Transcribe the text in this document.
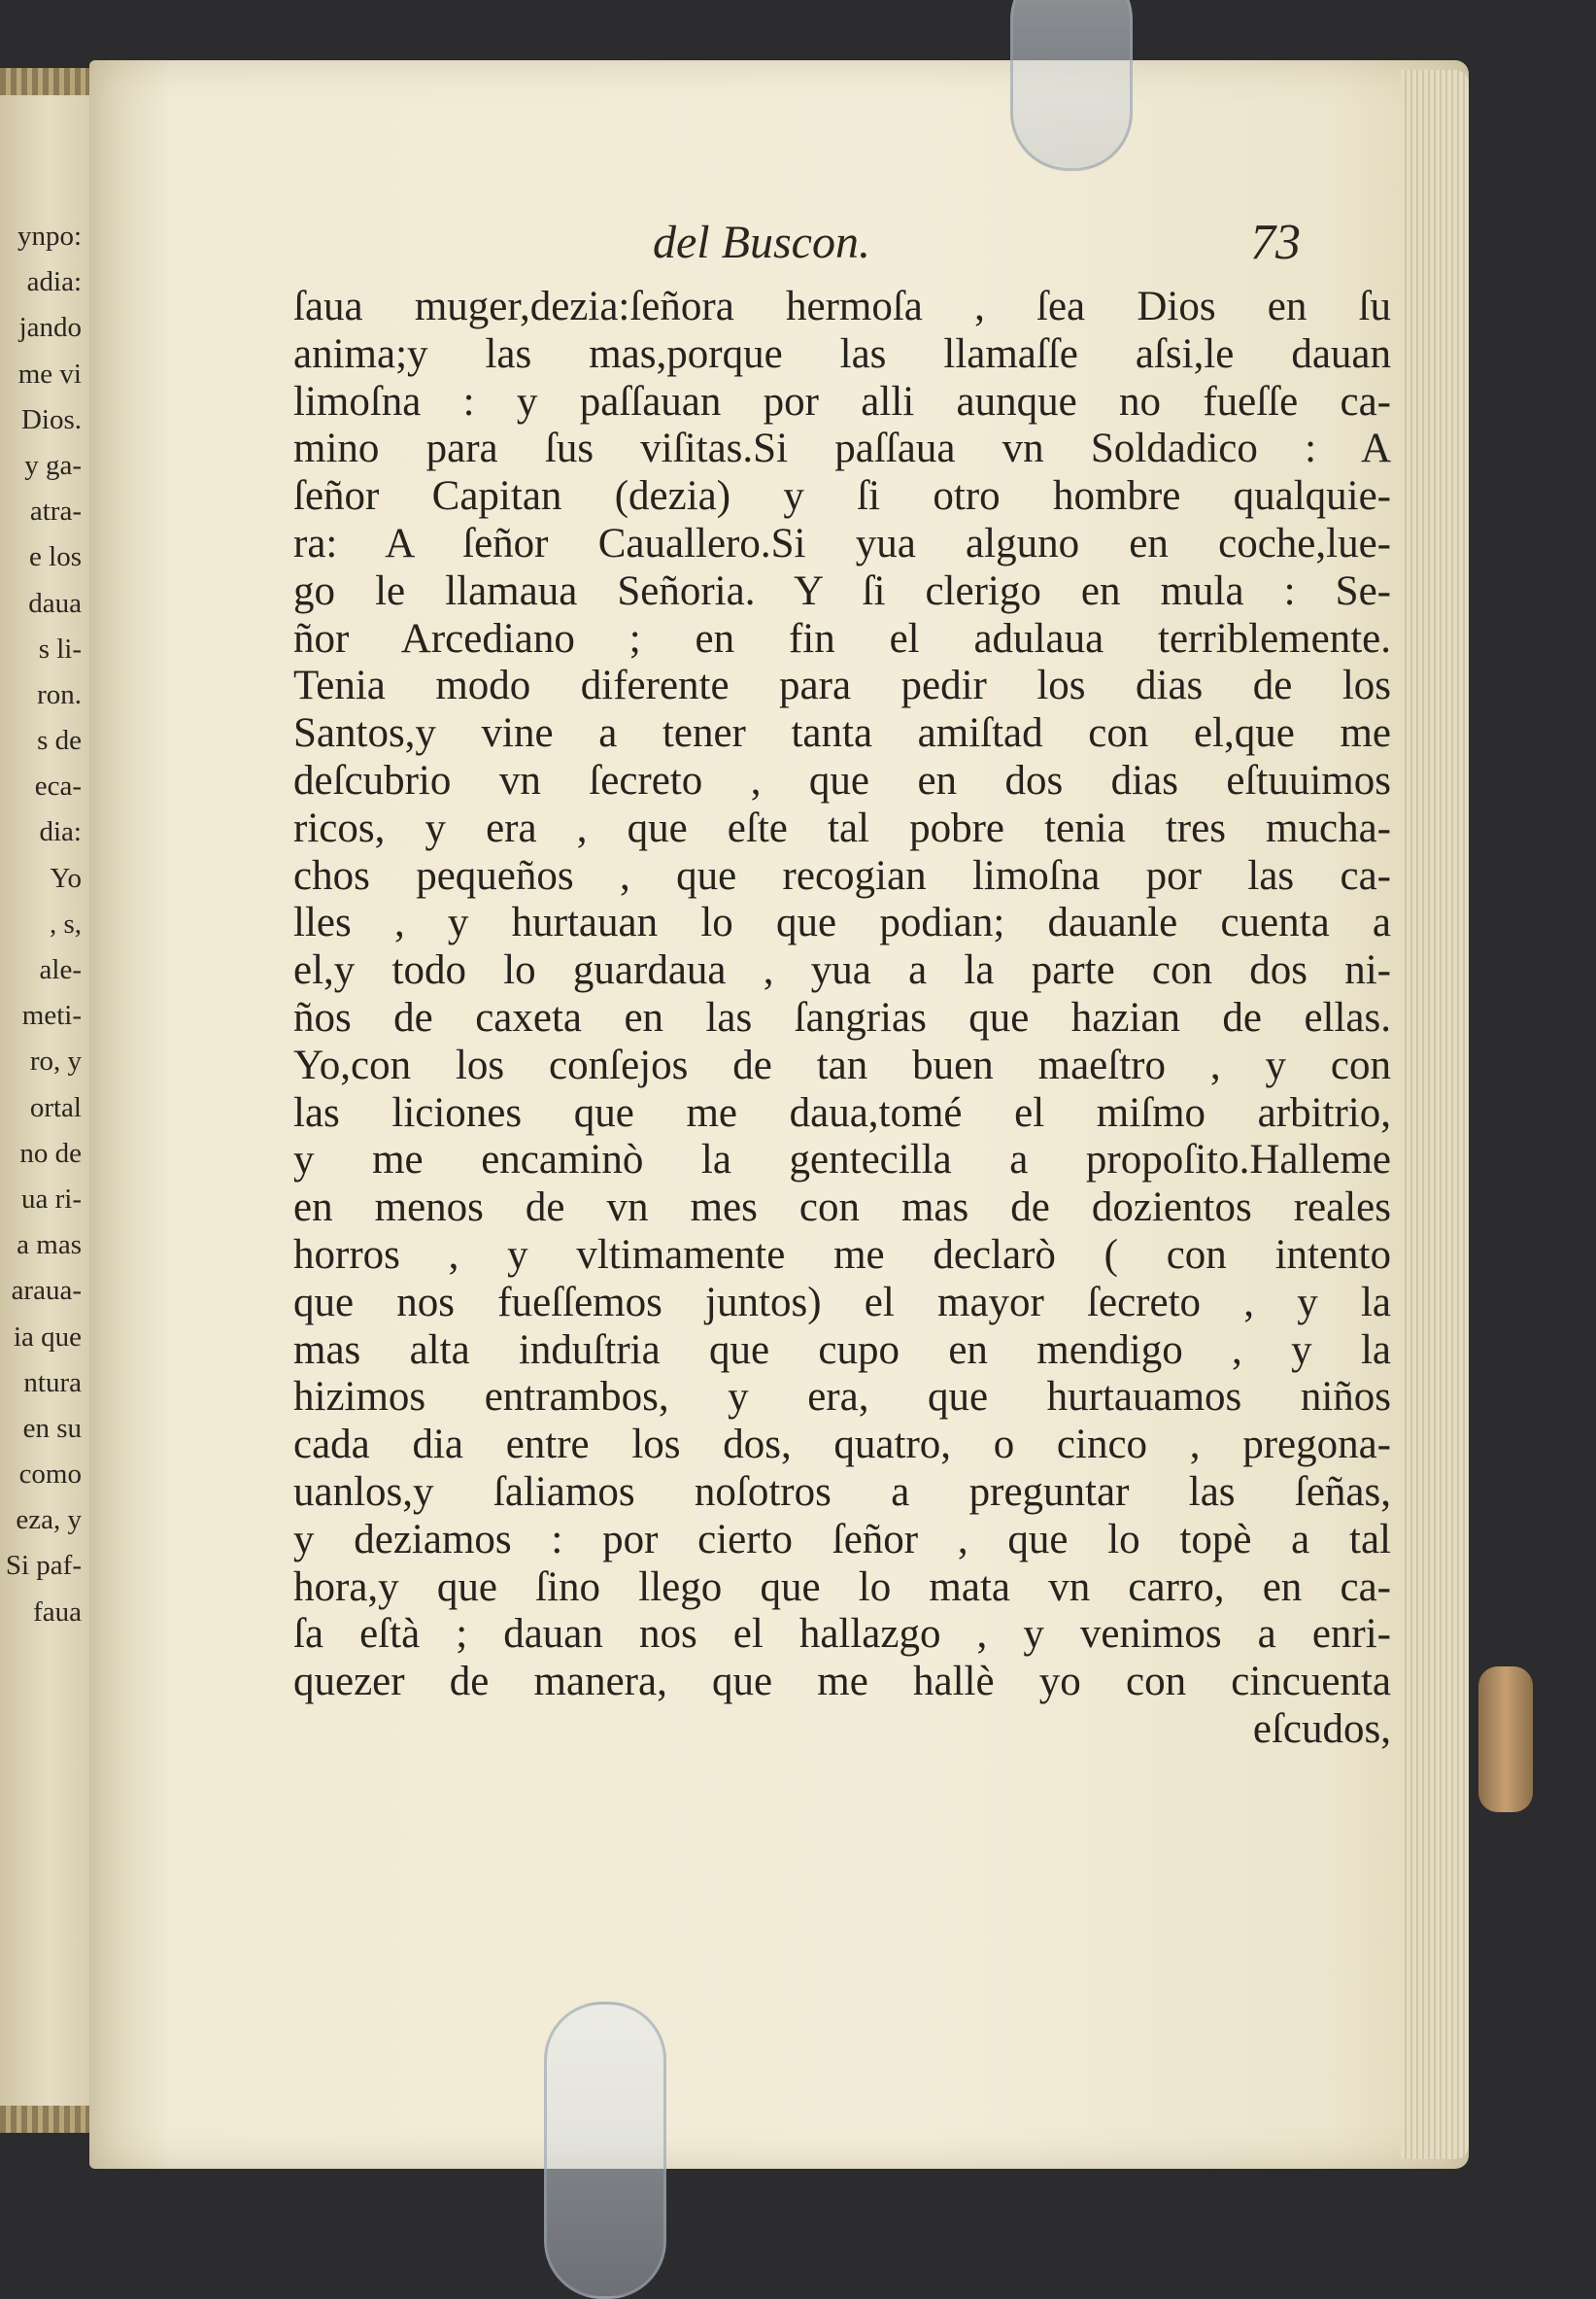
ynpo:
adia:
jando
me vi
Dios.
y ga-
atra-
e los
daua
s li-
ron.
s de
eca-
dia:
Yo
, s,
ale-
meti-
ro, y
ortal
no de
ua ri-
a mas
araua-
ia que
ntura
en su
como
eza, y
Si paf-
faua
del Buscon.	73
ſaua muger,dezia:ſeñora hermoſa , ſea Dios en ſu
anima;y las mas,porque las llamaſſe aſsi,le dauan
limoſna : y paſſauan por alli aunque no fueſſe ca-
mino para ſus viſitas.Si paſſaua vn Soldadico : A
ſeñor Capitan (dezia) y ſi otro hombre qualquie-
ra: A ſeñor Cauallero.Si yua alguno en coche,lue-
go le llamaua Señoria. Y ſi clerigo en mula : Se-
ñor Arcediano ; en fin el adulaua terriblemente.
Tenia modo diferente para pedir los dias de los
Santos,y vine a tener tanta amiſtad con el,que me
deſcubrio vn ſecreto , que en dos dias eſtuuimos
ricos, y era , que eſte tal pobre tenia tres mucha-
chos pequeños , que recogian limoſna por las ca-
lles , y hurtauan lo que podian; dauanle cuenta a
el,y todo lo guardaua , yua a la parte con dos ni-
ños de caxeta en las ſangrias que hazian de ellas.
Yo,con los conſejos de tan buen maeſtro , y con
las liciones que me daua,tomé el miſmo arbitrio,
y me encaminò la gentecilla a propoſito.Halleme
en menos de vn mes con mas de dozientos reales
horros , y vltimamente me declarò ( con intento
que nos fueſſemos juntos) el mayor ſecreto , y la
mas alta induſtria que cupo en mendigo , y la
hizimos entrambos, y era, que hurtauamos niños
cada dia entre los dos, quatro, o cinco , pregona-
uanlos,y ſaliamos noſotros a preguntar las ſeñas,
y deziamos : por cierto ſeñor , que lo topè a tal
hora,y que ſino llego que lo mata vn carro, en ca-
ſa eſtà ; dauan nos el hallazgo , y venimos a enri-
quezer de manera, que me hallè yo con cincuenta
eſcudos,
